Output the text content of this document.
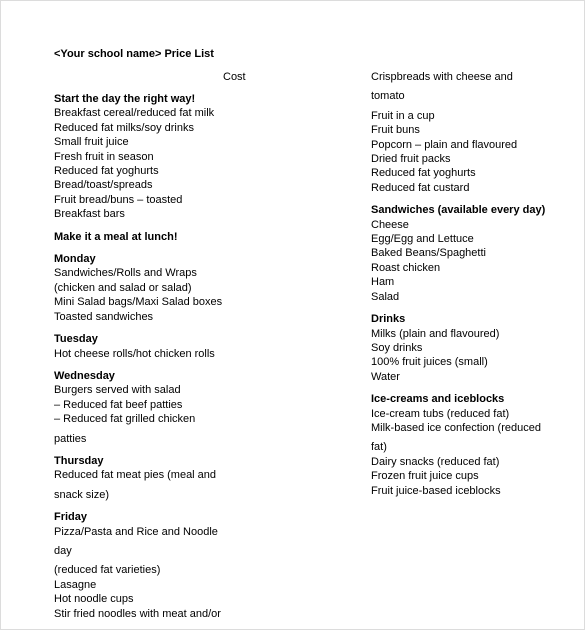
<Your school name> Price List
Cost
Start the day the right way!
Breakfast cereal/reduced fat milk
Reduced fat milks/soy drinks
Small fruit juice
Fresh fruit in season
Reduced fat yoghurts
Bread/toast/spreads
Fruit bread/buns – toasted
Breakfast bars
Make it a meal at lunch!
Monday
Sandwiches/Rolls and Wraps
(chicken and salad or salad)
Mini Salad bags/Maxi Salad boxes
Toasted sandwiches
Tuesday
Hot cheese rolls/hot chicken rolls
Wednesday
Burgers served with salad
– Reduced fat beef patties
– Reduced fat grilled chicken
patties
Thursday
Reduced fat meat pies (meal and
snack size)
Friday
Pizza/Pasta and Rice and Noodle
day
(reduced fat varieties)
Lasagne
Hot noodle cups
Stir fried noodles with meat and/or
Crispbreads with cheese and
tomato
Fruit in a cup
Fruit buns
Popcorn – plain and flavoured
Dried fruit packs
Reduced fat yoghurts
Reduced fat custard
Sandwiches (available every day)
Cheese
Egg/Egg and Lettuce
Baked Beans/Spaghetti
Roast chicken
Ham
Salad
Drinks
Milks (plain and flavoured)
Soy drinks
100% fruit juices (small)
Water
Ice-creams and iceblocks
Ice-cream tubs (reduced fat)
Milk-based ice confection (reduced
fat)
Dairy snacks (reduced fat)
Frozen fruit juice cups
Fruit juice-based iceblocks
